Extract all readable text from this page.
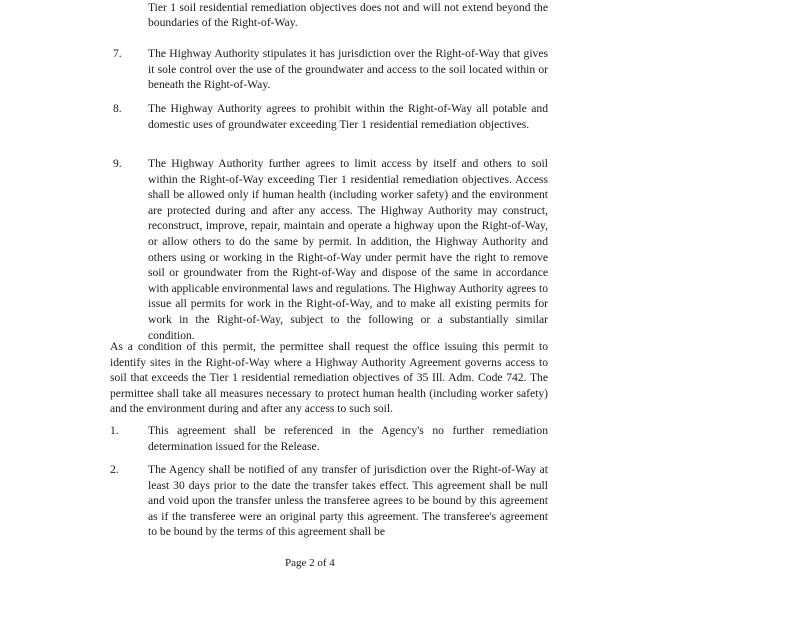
Tier 1 soil residential remediation objectives does not and will not extend beyond the boundaries of the Right-of-Way.
7. The Highway Authority stipulates it has jurisdiction over the Right-of-Way that gives it sole control over the use of the groundwater and access to the soil located within or beneath the Right-of-Way.
8. The Highway Authority agrees to prohibit within the Right-of-Way all potable and domestic uses of groundwater exceeding Tier 1 residential remediation objectives.
9. The Highway Authority further agrees to limit access by itself and others to soil within the Right-of-Way exceeding Tier 1 residential remediation objectives. Access shall be allowed only if human health (including worker safety) and the environment are protected during and after any access. The Highway Authority may construct, reconstruct, improve, repair, maintain and operate a highway upon the Right-of-Way, or allow others to do the same by permit. In addition, the Highway Authority and others using or working in the Right-of-Way under permit have the right to remove soil or groundwater from the Right-of-Way and dispose of the same in accordance with applicable environmental laws and regulations. The Highway Authority agrees to issue all permits for work in the Right-of-Way, and to make all existing permits for work in the Right-of-Way, subject to the following or a substantially similar condition.
As a condition of this permit, the permittee shall request the office issuing this permit to identify sites in the Right-of-Way where a Highway Authority Agreement governs access to soil that exceeds the Tier 1 residential remediation objectives of 35 Ill. Adm. Code 742. The permittee shall take all measures necessary to protect human health (including worker safety) and the environment during and after any access to such soil.
1.	This agreement shall be referenced in the Agency's no further remediation determination issued for the Release.
2.	The Agency shall be notified of any transfer of jurisdiction over the Right-of-Way at least 30 days prior to the date the transfer takes effect. This agreement shall be null and void upon the transfer unless the transferee agrees to be bound by this agreement as if the transferee were an original party this agreement. The transferee's agreement to be bound by the terms of this agreement shall be
Page 2 of 4
